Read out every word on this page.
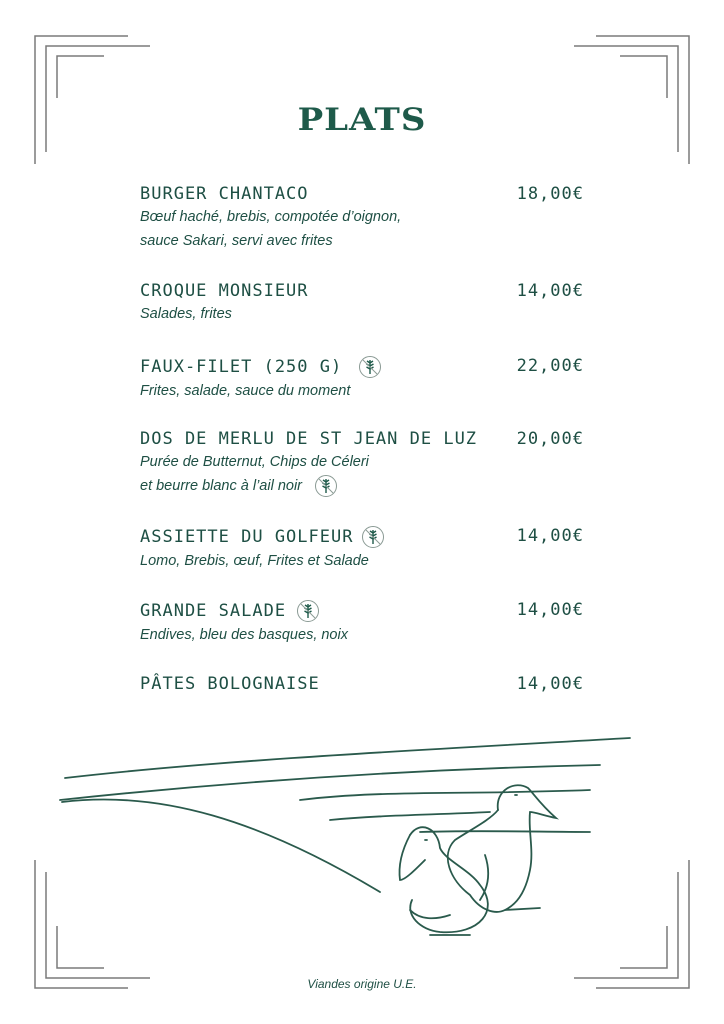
PLATS
BURGER CHANTACO	18,00€
Bœuf haché, brebis, compotée d’oignon,
sauce Sakari, servi avec frites
CROQUE MONSIEUR	14,00€
Salades, frites
FAUX-FILET (250 G)	22,00€
Frites, salade, sauce du moment
DOS DE MERLU DE ST JEAN DE LUZ	20,00€
Purée de Butternut, Chips de Céleri
et beurre blanc à l’ail noir
ASSIETTE DU GOLFEUR	14,00€
Lomo, Brebis, œuf, Frites et Salade
GRANDE SALADE	14,00€
Endives, bleu des basques, noix
PÂTES BOLOGNAISE	14,00€
Viandes origine U.E.
